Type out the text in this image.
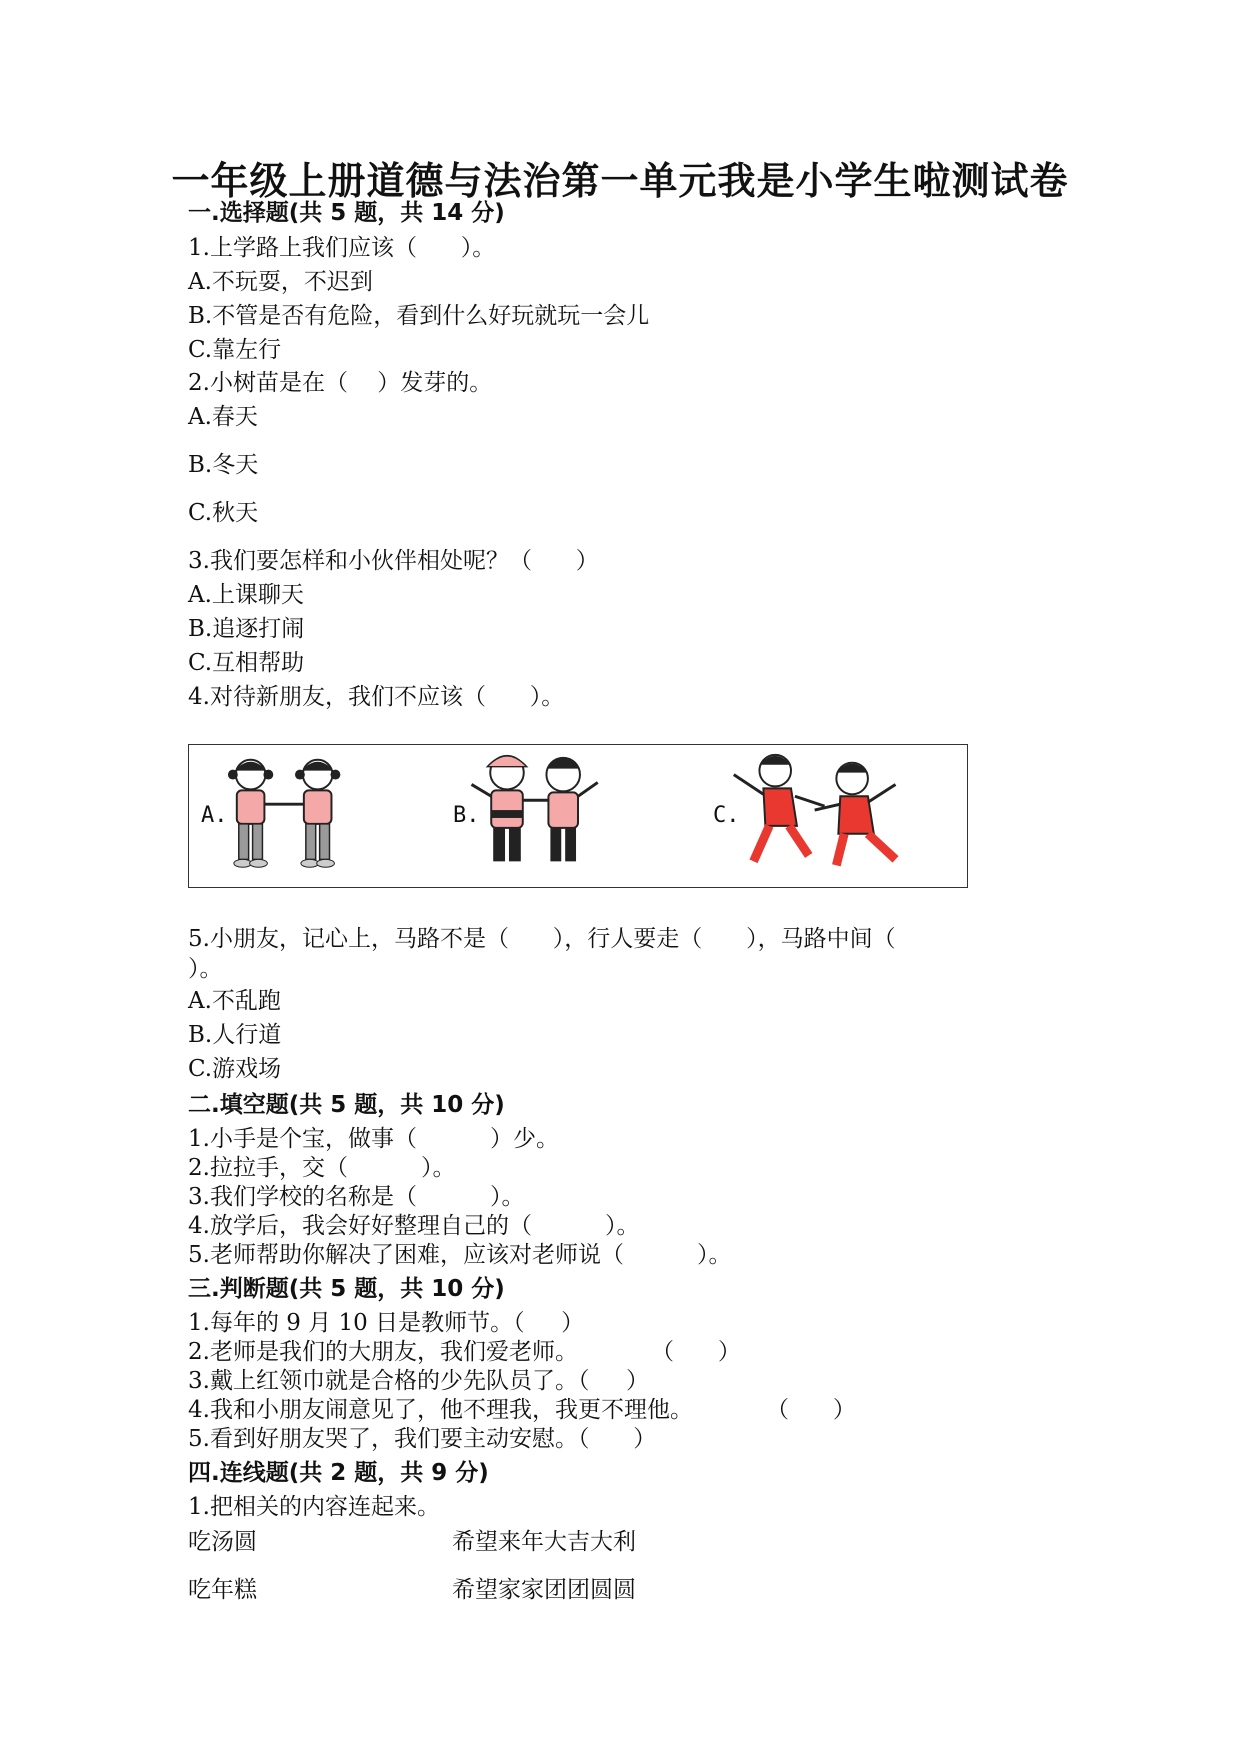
一年级上册道德与法治第一单元我是小学生啦测试卷
一.选择题(共 5 题，共 14 分)
1.上学路上我们应该（      ）。
A.不玩耍，不迟到
B.不管是否有危险，看到什么好玩就玩一会儿
C.靠左行
2.小树苗是在（    ）发芽的。
A.春天
B.冬天
C.秋天
3.我们要怎样和小伙伴相处呢？（      ）
A.上课聊天
B.追逐打闹
C.互相帮助
4.对待新朋友，我们不应该（      ）。
A.	B.	C.
5.小朋友，记心上，马路不是（      ），行人要走（      ），马路中间（
）。
A.不乱跑
B.人行道
C.游戏场
二.填空题(共 5 题，共 10 分)
1.小手是个宝，做事（          ）少。
2.拉拉手，交（          ）。
3.我们学校的名称是（          ）。
4.放学后，我会好好整理自己的（          ）。
5.老师帮助你解决了困难，应该对老师说（          ）。
三.判断题(共 5 题，共 10 分)
1.每年的 9 月 10 日是教师节。（     ）
2.老师是我们的大朋友，我们爱老师。          （      ）
3.戴上红领巾就是合格的少先队员了。（     ）
4.我和小朋友闹意见了，他不理我，我更不理他。          （      ）
5.看到好朋友哭了，我们要主动安慰。（      ）
四.连线题(共 2 题，共 9 分)
1.把相关的内容连起来。
吃汤圆	希望来年大吉大利
吃年糕	希望家家团团圆圆
